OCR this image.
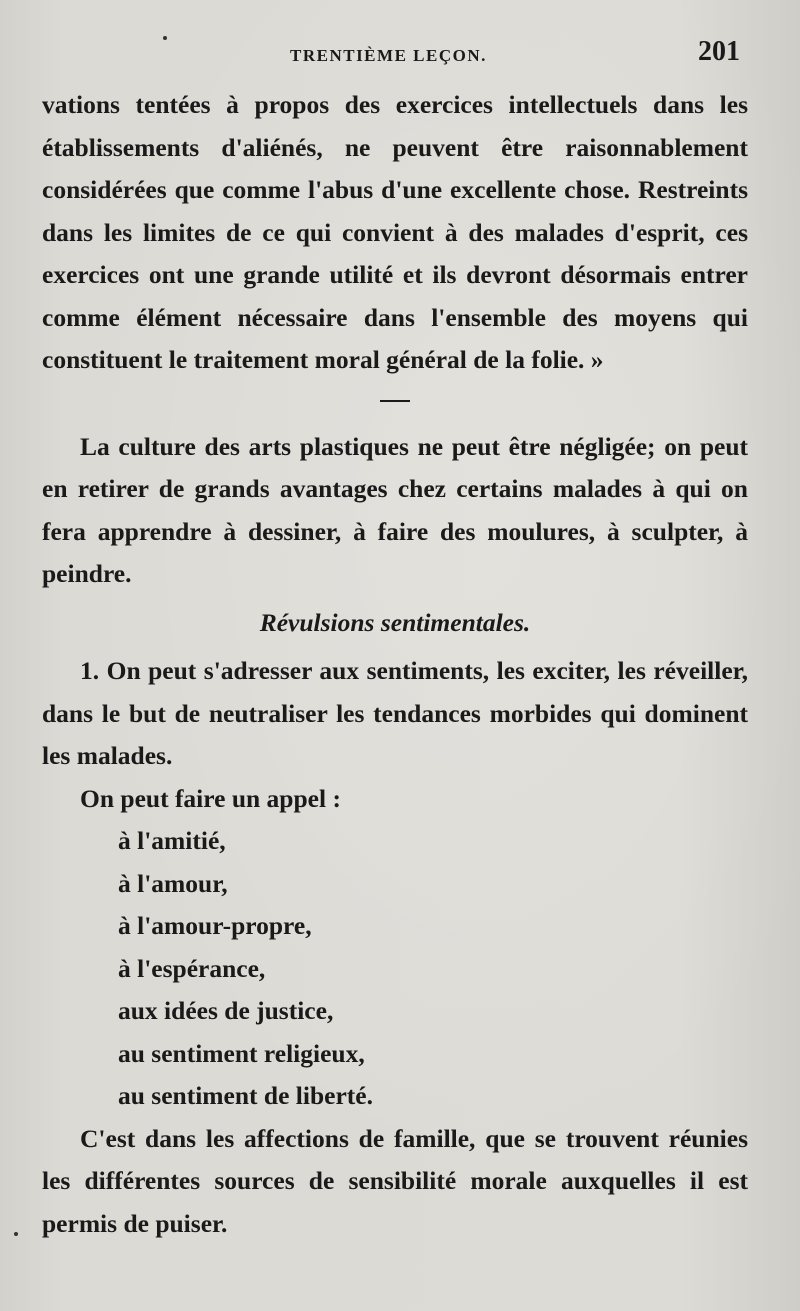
TRENTIÈME LEÇON.	201

vations tentées à propos des exercices intellectuels dans les établissements d'aliénés, ne peuvent être raisonnablement considérées que comme l'abus d'une excellente chose. Restreints dans les limites de ce qui convient à des malades d'esprit, ces exercices ont une grande utilité et ils devront désormais entrer comme élément nécessaire dans l'ensemble des moyens qui constituent le traitement moral général de la folie. »

La culture des arts plastiques ne peut être négligée; on peut en retirer de grands avantages chez certains malades à qui on fera apprendre à dessiner, à faire des moulures, à sculpter, à peindre.

Révulsions sentimentales.

1. On peut s'adresser aux sentiments, les exciter, les réveiller, dans le but de neutraliser les tendances morbides qui dominent les malades.

On peut faire un appel :

à l'amitié,
à l'amour,
à l'amour-propre,
à l'espérance,
aux idées de justice,
au sentiment religieux,
au sentiment de liberté.

C'est dans les affections de famille, que se trouvent réunies les différentes sources de sensibilité morale auxquelles il est permis de puiser.
